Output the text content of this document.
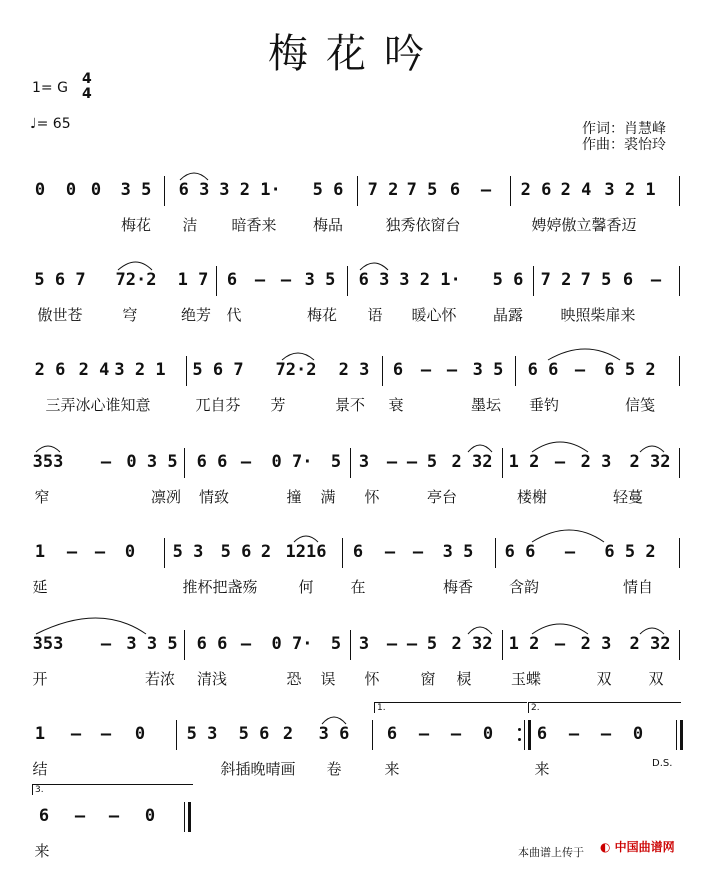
梅花吟
1= G
4
4
♩= 65	作词：肖慧峰
作曲：裘怡玲
0 0 0 3 5 6 3 3 2 1· 5 6 7 2 7 5 6 – 2 6 2 4 3 2 1
梅花 洁 暗香来 梅品	独秀依窗台	娉婷傲立馨香迈
5 6 7 72·2 1 7 6 – – 3 5 6 3 3 2 1· 5 6 7 2 7 5 6 –
傲世苍	穹	绝芳 代	梅花 语 暖心怀 晶露 映照柴扉来
2 6 2 4 3 2 1 5 6 7 72·2 2 3 6 – – 3 5 6 6 – 6 5 2
三弄冰心谁知意	兀自芬 芳	景不 衰	墨坛 垂钓	信笺
353 – 0 3 5 6 6 – 0 7· 5 3 – – 5 2 32 1 2 – 2 3 2 32
窄	凛冽 情致	撞 满 怀	亭台	楼榭	轻蔓
1 – – 0 5 3 5 6 2 1216 6 – – 3 5 6 6 – 6 5 2
延	推杯把盏殇	何 在	梅香 含韵	情自
353 – 3 3 5 6 6 – 0 7· 5 3 – – 5 2 32 1 2 – 2 3 2 32
开	若浓 清浅	恐 误 怀	窗 棂	玉蝶	双 双
1 – – 0 5 3 5 6 2 3 6
1.
6 – – 0
2.
6 – – 0
结	斜插晚晴画 卷	来	来	D.S.
3.
6 – – 0
来	本曲谱上传于 ◐ 中国曲谱网
